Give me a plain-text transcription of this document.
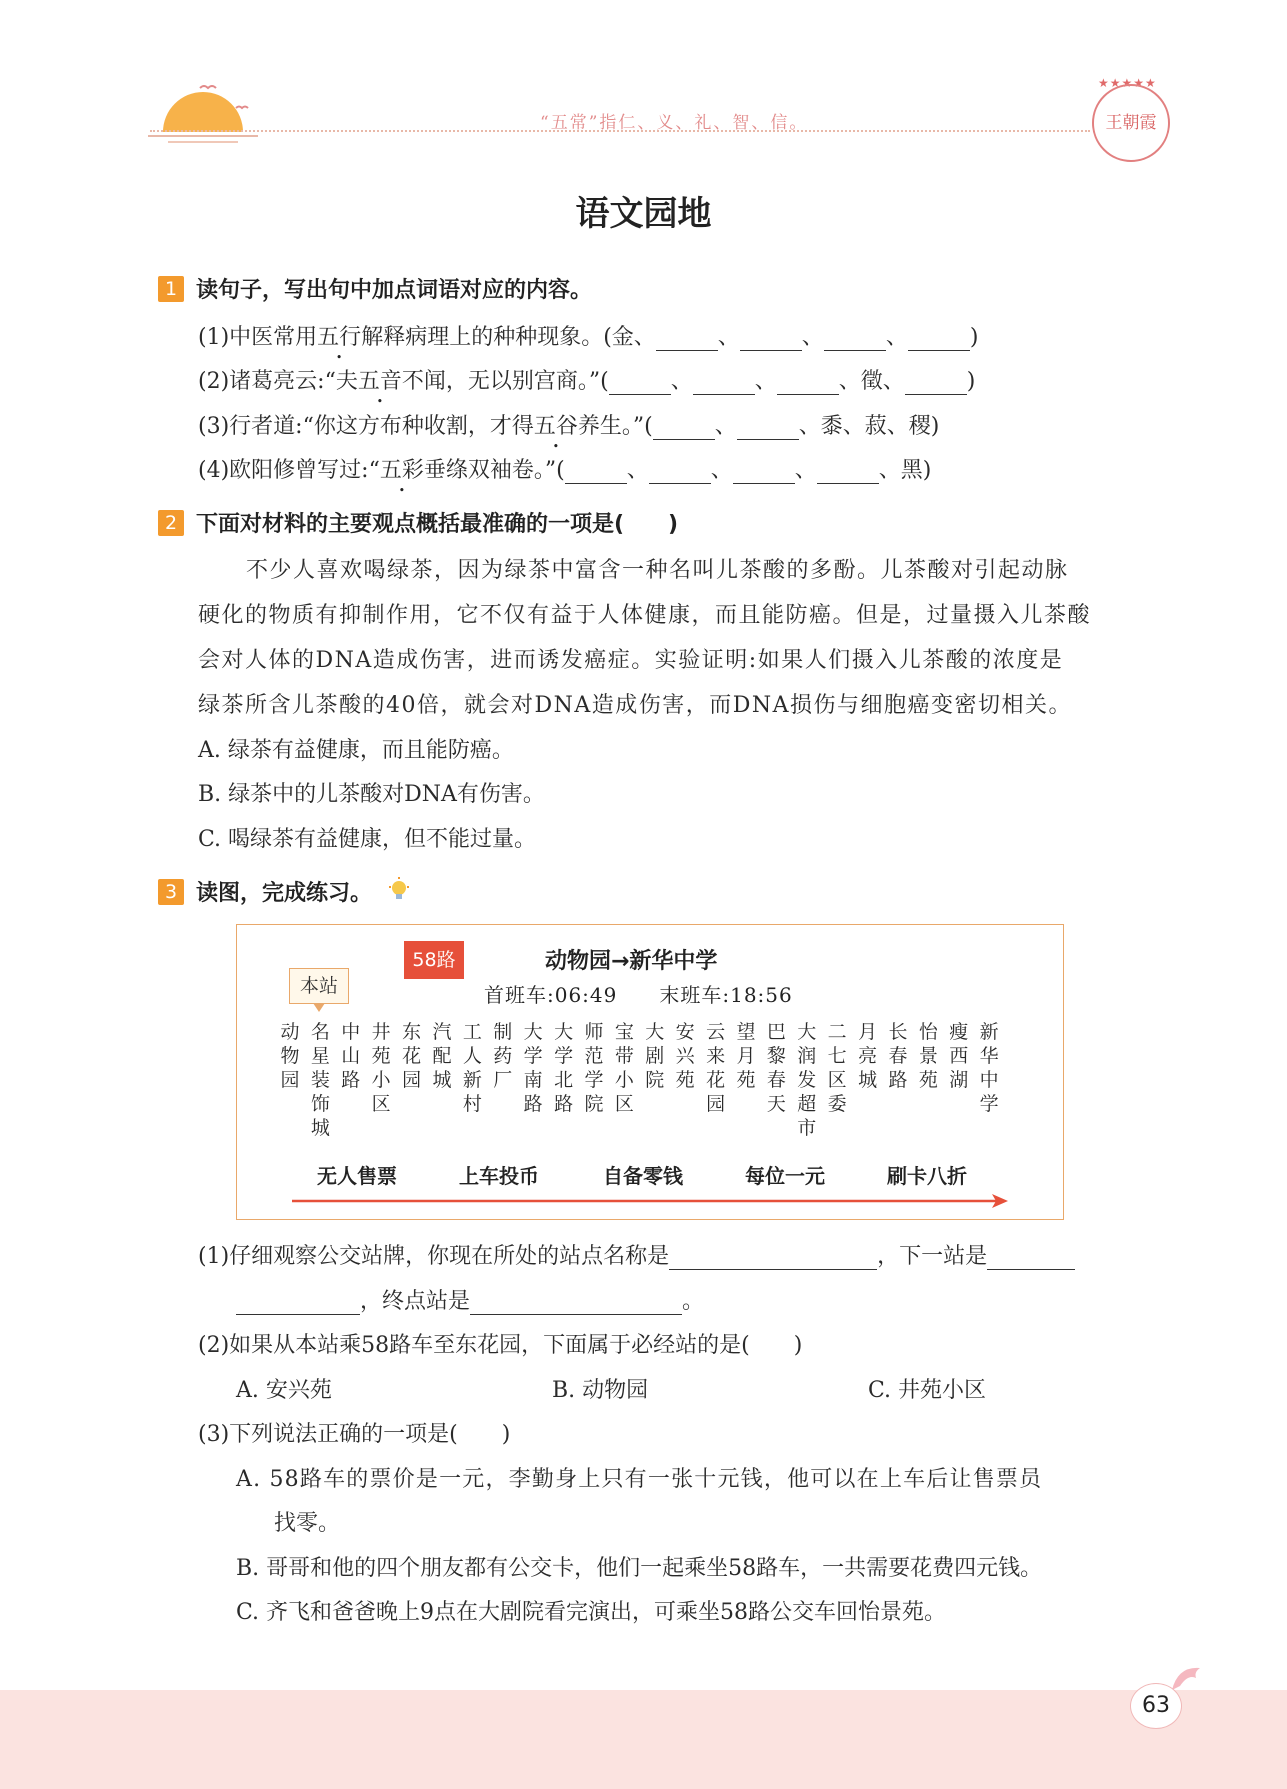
“五常”指仁、义、礼、智、信。
★★★★★
王朝霞
语文园地
1 读句子，写出句中加点词语对应的内容。
(1)中医常用五行解释病理上的种种现象。(金、	、	、	、	)
(2)诸葛亮云:“夫五音不闻，无以别宫商。”(	、	、	、徵、	)
(3)行者道:“你这方布种收割，才得五谷养生。”(	、	、黍、菽、稷)
(4)欧阳修曾写过:“五彩垂绦双袖卷。”(	、	、	、	、黑)
2 下面对材料的主要观点概括最准确的一项是(　　)
不少人喜欢喝绿茶，因为绿茶中富含一种名叫儿茶酸的多酚。儿茶酸对引起动脉
硬化的物质有抑制作用，它不仅有益于人体健康，而且能防癌。但是，过量摄入儿茶酸
会对人体的DNA造成伤害，进而诱发癌症。实验证明:如果人们摄入儿茶酸的浓度是
绿茶所含儿茶酸的40倍，就会对DNA造成伤害，而DNA损伤与细胞癌变密切相关。
A. 绿茶有益健康，而且能防癌。
B. 绿茶中的儿茶酸对DNA有伤害。
C. 喝绿茶有益健康，但不能过量。
3 读图，完成练习。
58路	动物园→新华中学
首班车:06:49　　末班车:18:56
本站
动物园
名星装饰城
中山路
井苑小区
东花园
汽配城
工人新村
制药厂
大学南路
大学北路
师范学院
宝带小区
大剧院
安兴苑
云来花园
望月苑
巴黎春天
大润发超市
二七区委
月亮城
长春路
怡景苑
瘦西湖
新华中学
无人售票	上车投币	自备零钱	每位一元	刷卡八折
(1)仔细观察公交站牌，你现在所处的站点名称是	，下一站是
，终点站是	。
(2)如果从本站乘58路车至东花园，下面属于必经站的是(　　)
A. 安兴苑	B. 动物园	C. 井苑小区
(3)下列说法正确的一项是(　　)
A. 58路车的票价是一元，李勤身上只有一张十元钱，他可以在上车后让售票员
找零。
B. 哥哥和他的四个朋友都有公交卡，他们一起乘坐58路车，一共需要花费四元钱。
C. 齐飞和爸爸晚上9点在大剧院看完演出，可乘坐58路公交车回怡景苑。
63
